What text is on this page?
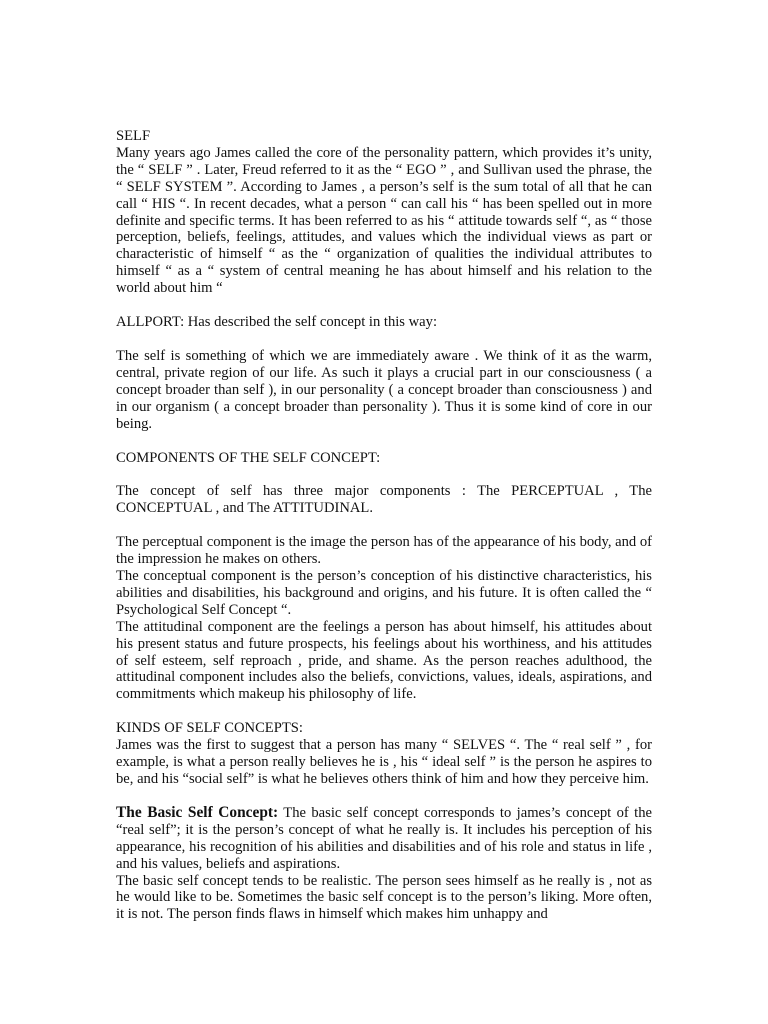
SELF

Many years ago James called the core of the personality pattern, which provides it’s unity, the “ SELF ” . Later, Freud referred to it as the “ EGO ” , and Sullivan used the phrase, the “ SELF SYSTEM ”. According to James , a person’s self is the sum total of all that he can call “ HIS “. In recent decades, what a person “ can call his “ has been spelled out in more definite and specific terms. It has been referred to as his “ attitude towards self “, as “ those perception, beliefs, feelings, attitudes, and values which the individual views as part or characteristic of himself “ as the “ organization of qualities the individual attributes to himself “ as a “ system of central meaning he has about himself and his relation to the world about him “

ALLPORT: Has described the self concept in this way:

The self is something of which we are immediately aware . We think of it as the warm, central, private region of our life. As such it plays a crucial part in our consciousness ( a concept broader than self ), in our personality ( a concept broader than consciousness ) and in our organism ( a concept broader than personality ). Thus it is some kind of core in our being.

COMPONENTS OF THE SELF CONCEPT:

The concept of self has three major components : The PERCEPTUAL , The CONCEPTUAL , and The ATTITUDINAL.

The perceptual component is the image the person has of the appearance of his body, and of the impression he makes on others.

The conceptual component is the person’s conception of his distinctive characteristics, his abilities and disabilities, his background and origins, and his future. It is often called the “ Psychological Self Concept “.

The attitudinal component are the feelings a person has about himself, his attitudes about his present status and future prospects, his feelings about his worthiness, and his attitudes of self esteem, self reproach , pride, and shame. As the person reaches adulthood, the attitudinal component includes also the beliefs, convictions, values, ideals, aspirations, and commitments which makeup his philosophy of life.

KINDS OF SELF CONCEPTS:

James was the first to suggest that a person has many “ SELVES “. The “ real self ” , for example, is what a person really believes he is , his “ ideal self ” is the person he aspires to be, and his “social self” is what he believes others think of him and how they perceive him.

The Basic Self Concept: The basic self concept corresponds to james’s concept of the “real self”; it is the person’s concept of what he really is. It includes his perception of his appearance, his recognition of his abilities and disabilities and of his role and status in life , and his values, beliefs and aspirations.

The basic self concept tends to be realistic. The person sees himself as he really is , not as he would like to be. Sometimes the basic self concept is to the person’s liking. More often, it is not. The person finds flaws in himself which makes him unhappy and
